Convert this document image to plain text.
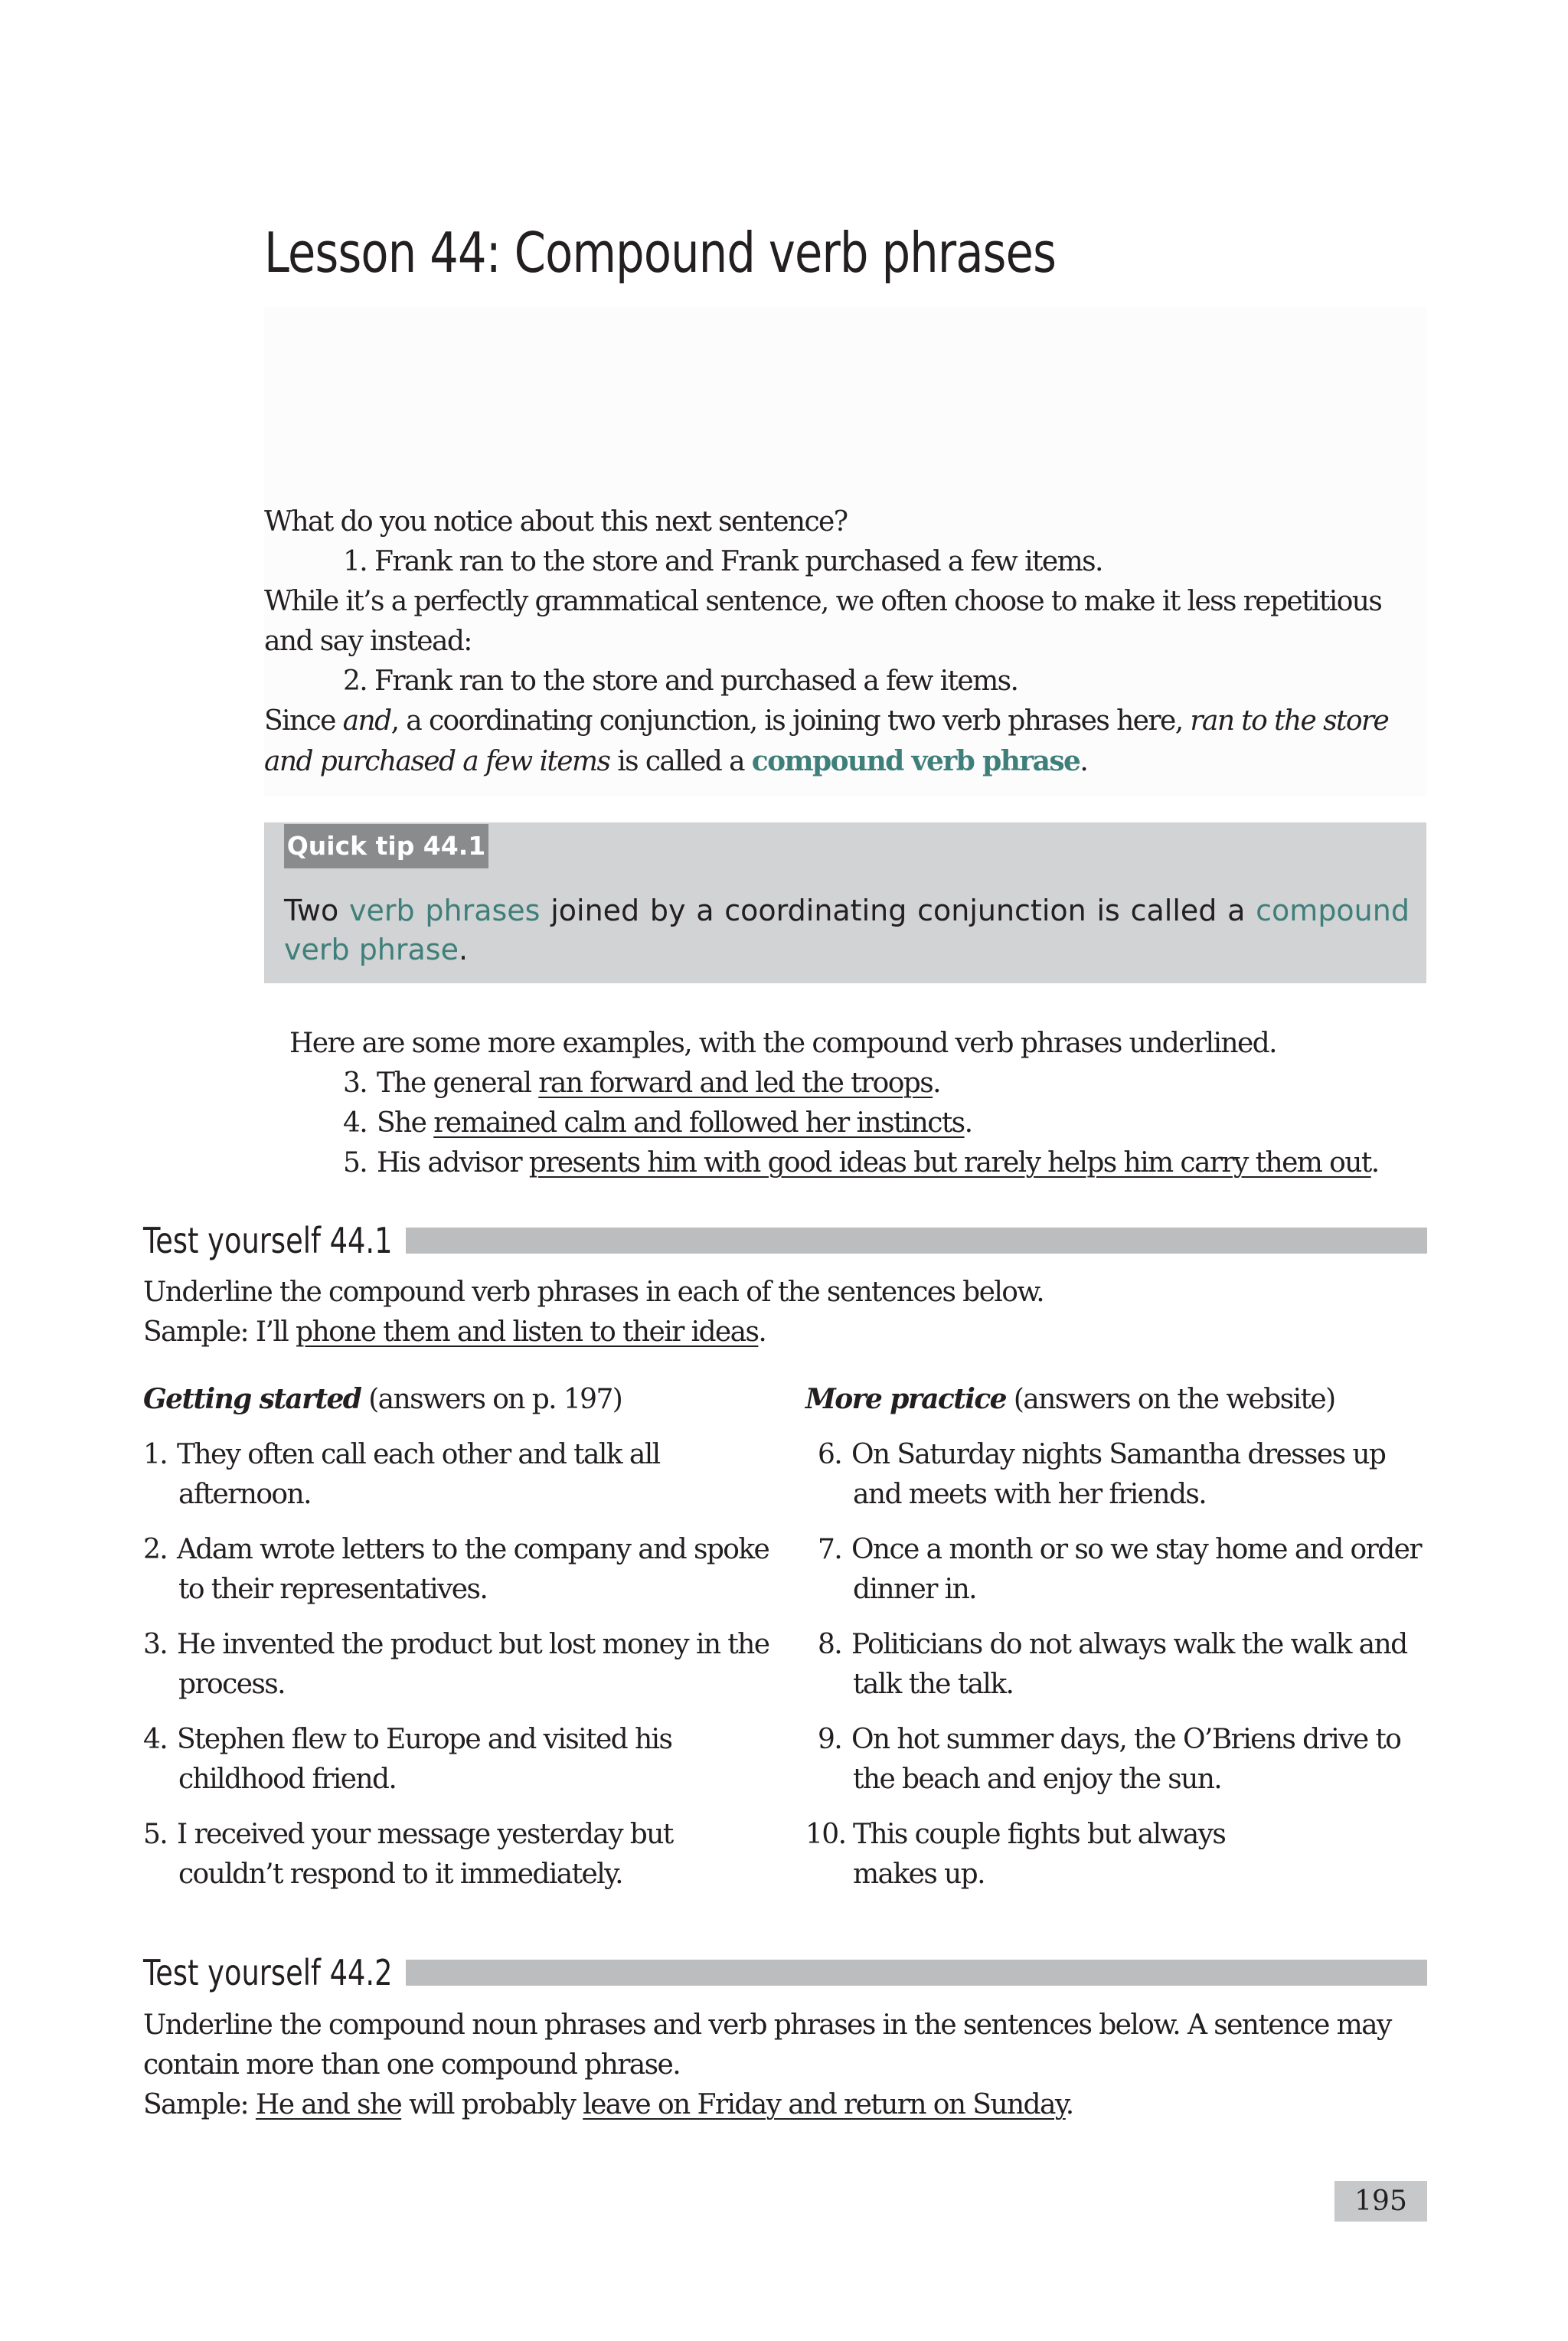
Lesson 44: Compound verb phrases
What do you notice about this next sentence?
1. Frank ran to the store and Frank purchased a few items.
While it’s a perfectly grammatical sentence, we often choose to make it less repetitious
and say instead:
2. Frank ran to the store and purchased a few items.
Since and, a coordinating conjunction, is joining two verb phrases here, ran to the store
and purchased a few items is called a compound verb phrase.
Quick tip 44.1
Two verb phrases joined by a coordinating conjunction is called a compound verb phrase.
Here are some more examples, with the compound verb phrases underlined.
3. The general ran forward and led the troops.
4. She remained calm and followed her instincts.
5. His advisor presents him with good ideas but rarely helps him carry them out.
Test yourself 44.1
Underline the compound verb phrases in each of the sentences below.
Sample: I’ll phone them and listen to their ideas.
Getting started (answers on p. 197)
1. They often call each other and talk all
afternoon.
2. Adam wrote letters to the company and spoke
to their representatives.
3. He invented the product but lost money in the
process.
4. Stephen flew to Europe and visited his
childhood friend.
5. I received your message yesterday but
couldn’t respond to it immediately.
More practice (answers on the website)
6. On Saturday nights Samantha dresses up
and meets with her friends.
7. Once a month or so we stay home and order
dinner in.
8. Politicians do not always walk the walk and
talk the talk.
9. On hot summer days, the O’Briens drive to
the beach and enjoy the sun.
10. This couple fights but always
makes up.
Test yourself 44.2
Underline the compound noun phrases and verb phrases in the sentences below. A sentence may
contain more than one compound phrase.
Sample: He and she will probably leave on Friday and return on Sunday.
195
